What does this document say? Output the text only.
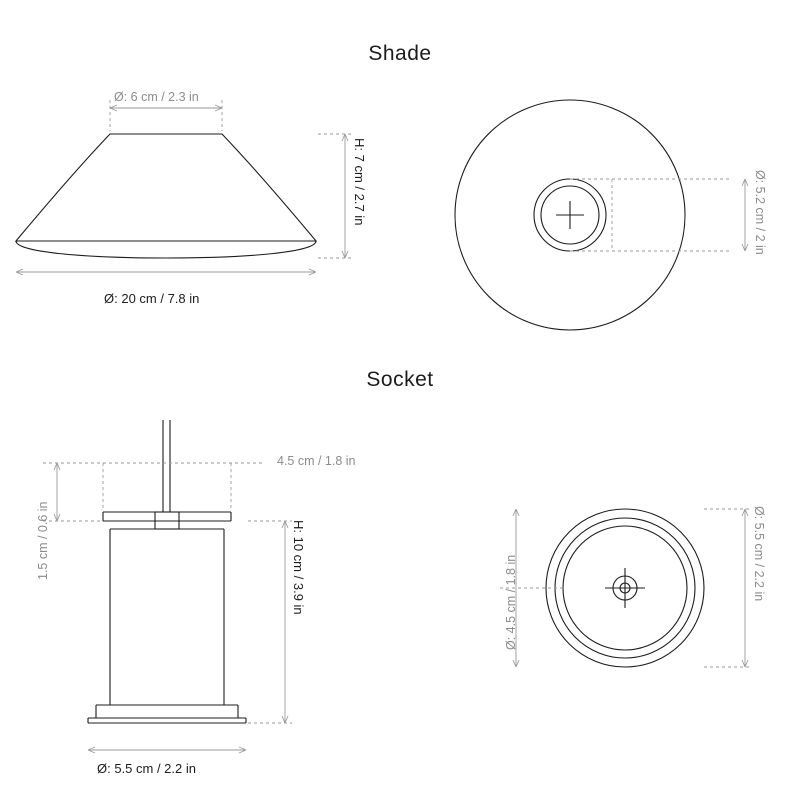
Shade
Socket
Ø: 6 cm / 2.3 in
H: 7 cm / 2.7 in
Ø: 20 cm / 7.8 in
Ø: 5.2 cm / 2 in
4.5 cm / 1.8 in
1.5 cm / 0.6 in	H: 10 cm / 3.9 in
Ø: 5.5 cm / 2.2 in
Ø: 4.5 cm / 1.8 in
Ø: 5.5 cm / 2.2 in
